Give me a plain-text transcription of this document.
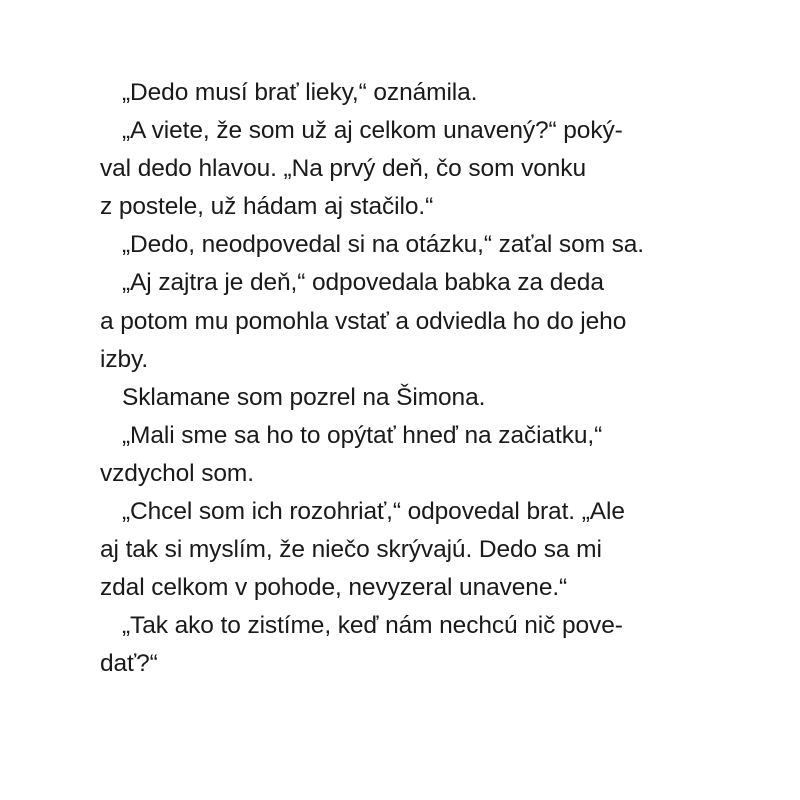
„Dedo musí brať lieky,“ oznámila.
„A viete, že som už aj celkom unavený?“ poký-
val dedo hlavou. „Na prvý deň, čo som vonku
z postele, už hádam aj stačilo.“
„Dedo, neodpovedal si na otázku,“ zaťal som sa.
„Aj zajtra je deň,“ odpovedala babka za deda
a potom mu pomohla vstať a odviedla ho do jeho
izby.
Sklamane som pozrel na Šimona.
„Mali sme sa ho to opýtať hneď na začiatku,“
vzdychol som.
„Chcel som ich rozohriať,“ odpovedal brat. „Ale
aj tak si myslím, že niečo skrývajú. Dedo sa mi
zdal celkom v pohode, nevyzeral unavene.“
„Tak ako to zistíme, keď nám nechcú nič pove-
dať?“
